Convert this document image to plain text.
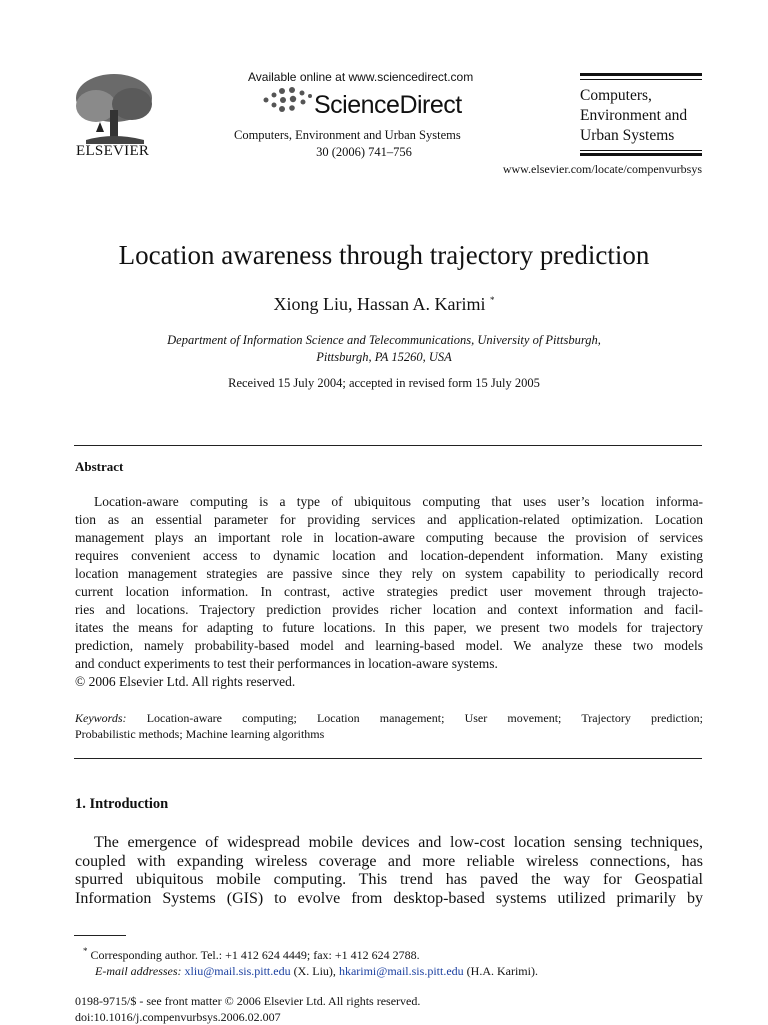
ELSEVIER
Available online at www.sciencedirect.com
ScienceDirect
Computers, Environment and Urban Systems
30 (2006) 741–756
Computers,
Environment and
Urban Systems
www.elsevier.com/locate/compenvurbsys
Location awareness through trajectory prediction
Xiong Liu, Hassan A. Karimi *
Department of Information Science and Telecommunications, University of Pittsburgh,
Pittsburgh, PA 15260, USA
Received 15 July 2004; accepted in revised form 15 July 2005
Abstract
Location-aware computing is a type of ubiquitous computing that uses user’s location informa-
tion as an essential parameter for providing services and application-related optimization. Location
management plays an important role in location-aware computing because the provision of services
requires convenient access to dynamic location and location-dependent information. Many existing
location management strategies are passive since they rely on system capability to periodically record
current location information. In contrast, active strategies predict user movement through trajecto-
ries and locations. Trajectory prediction provides richer location and context information and facil-
itates the means for adapting to future locations. In this paper, we present two models for trajectory
prediction, namely probability-based model and learning-based model. We analyze these two models
and conduct experiments to test their performances in location-aware systems.
© 2006 Elsevier Ltd. All rights reserved.
Keywords: Location-aware computing; Location management; User movement; Trajectory prediction;
Probabilistic methods; Machine learning algorithms
1. Introduction
The emergence of widespread mobile devices and low-cost location sensing techniques,
coupled with expanding wireless coverage and more reliable wireless connections, has
spurred ubiquitous mobile computing. This trend has paved the way for Geospatial
Information Systems (GIS) to evolve from desktop-based systems utilized primarily by
* Corresponding author. Tel.: +1 412 624 4449; fax: +1 412 624 2788.
E-mail addresses: xliu@mail.sis.pitt.edu (X. Liu), hkarimi@mail.sis.pitt.edu (H.A. Karimi).
0198-9715/$ - see front matter © 2006 Elsevier Ltd. All rights reserved.
doi:10.1016/j.compenvurbsys.2006.02.007
